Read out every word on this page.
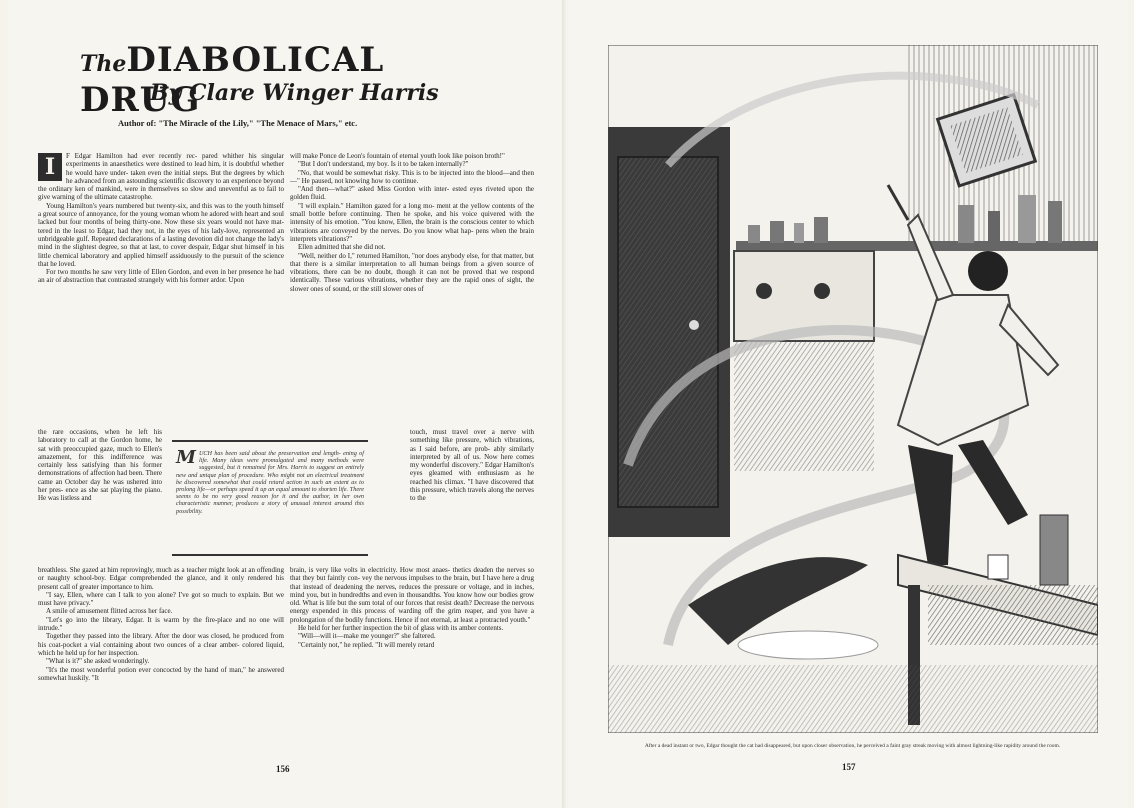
TheDIABOLICAL DRUG
By Clare Winger Harris
Author of: "The Miracle of the Lily," "The Menace of Mars," etc.
I	F Edgar Hamilton had ever recently rec- pared whither his singular experiments in anaesthetics were destined to lead him, it is doubtful whether he would have under- taken even the initial steps. But the degrees by which he advanced from an astounding scientific discovery to an experience beyond the ordinary ken of mankind, were in themselves so slow and uneventful as to fail to give warning of the ultimate catastrophe.

Young Hamilton's years numbered but twenty-six, and this was to the youth himself a great source of annoyance, for the young woman whom he adored with heart and soul lacked but four months of being thirty-one. Now these six years would not have mat- tered in the least to Edgar, had they not, in the eyes of his lady-love, represented an unbridgeable gulf. Repeated declarations of a lasting devotion did not change the lady's mind in the slightest degree, so that at last, to cover despair, Edgar shut himself in his little chemical laboratory and applied himself assiduously to the pursuit of the science that he loved.

For two months he saw very little of Ellen Gordon, and even in her presence he had an air of abstraction that contrasted strangely with his former ardor. Upon

the rare occasions, when he left his laboratory to call at the Gordon home, he sat with preoccupied gaze, much to Ellen's amazement, for this indifference was certainly less satisfying than his former demonstrations of affection had been. There came an October day he was ushered into her pres- ence as she sat playing the piano. He was listless and

breathless. She gazed at him reprovingly, much as a teacher might look at an offending or naughty school-boy. Edgar comprehended the glance, and it only rendered his present call of greater importance to him.

"I say, Ellen, where can I talk to you alone? I've got so much to explain. But we must have privacy."

A smile of amusement flitted across her face.

"Let's go into the library, Edgar. It is warm by the fire-place and no one will intrude."

Together they passed into the library. After the door was closed, he produced from his coat-pocket a vial containing about two ounces of a clear amber- colored liquid, which he held up for her inspection.

"What is it?" she asked wonderingly.

"It's the most wonderful potion ever concocted by the hand of man," he answered somewhat huskily. "It

will make Ponce de Leon's fountain of eternal youth look like poison broth!"

"But I don't understand, my boy. Is it to be taken internally?"

"No, that would be somewhat risky. This is to be injected into the blood—and then—" He paused, not knowing how to continue.

"And then—what?" asked Miss Gordon with inter- ested eyes riveted upon the golden fluid.

"I will explain." Hamilton gazed for a long mo- ment at the yellow contents of the small bottle before continuing. Then he spoke, and his voice quivered with the intensity of his emotion. "You know, Ellen, the brain is the conscious center to which vibrations are conveyed by the nerves. Do you know what hap- pens when the brain interprets vibrations?"

Ellen admitted that she did not.

"Well, neither do I," returned Hamilton, "nor does anybody else, for that matter, but that there is a similar interpretation to all human beings from a given source of vibrations, there can be no doubt, though it can not be proved that we respond identically. These various vibrations, whether they are the rapid ones of sight, the slower ones of sound, or the still slower ones of

touch, must travel over a nerve with something like pressure, which vibrations, as I said before, are prob- ably similarly interpreted by all of us. Now here comes my wonderful discovery." Edgar Hamilton's eyes gleamed with enthusiasm as he reached his climax. "I have discovered that this pressure, which travels along the nerves to the

brain, is very like volts in electricity. How most anaes- thetics deaden the nerves so that they but faintly con- vey the nervous impulses to the brain, but I have here a drug that instead of deadening the nerves, reduces the pressure or voltage, and in inches, mind you, but in hundredths and even in thousandths. You know how our bodies grow old. What is life but the sum total of our forces that resist death? Decrease the nervous energy expended in this process of warding off the grim reaper, and you have a prolongation of the bodily functions. Hence if not eternal, at least a protracted youth."

He held for her further inspection the bit of glass with its amber contents.

"Will—will it—make me younger?" she faltered.

"Certainly not," he replied. "It will merely retard

MUCH has been said about the preservation and length- ening of life. Many ideas were promulgated and many methods were suggested, but it remained for Mrs. Harris to suggest an entirely new and unique plan of procedure. Who might not an electrical treatment be discovered somewhat that could retard action in such an extent as to prolong life—or perhaps speed it up an equal amount to shorten life. There seems to be no very good reason for it and the author, in her own characteristic manner, produces a story of unusual interest around this possibility.
156
After a dead instant or two, Edgar thought the cat had disappeared, but upon closer observation, he perceived a faint gray streak moving with almost lightning-like rapidity around the room.
157
